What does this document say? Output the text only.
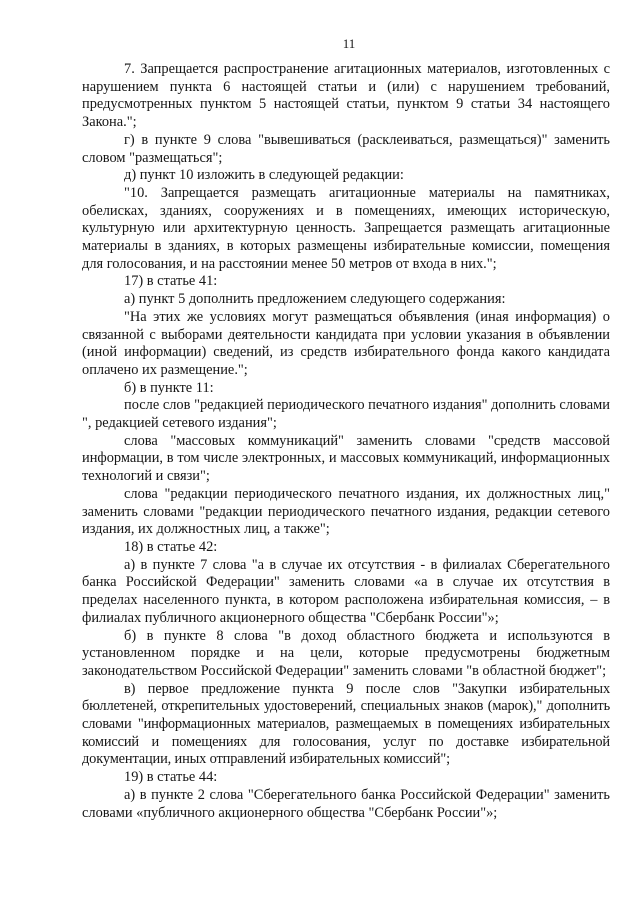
11

7. Запрещается распространение агитационных материалов, изготовленных с нарушением пункта 6 настоящей статьи и (или) с нарушением требований, предусмотренных пунктом 5 настоящей статьи, пунктом 9 статьи 34 настоящего Закона.";

г) в пункте 9 слова "вывешиваться (расклеиваться, размещаться)" заменить словом "размещаться";

д) пункт 10 изложить в следующей редакции:

"10. Запрещается размещать агитационные материалы на памятниках, обелисках, зданиях, сооружениях и в помещениях, имеющих историческую, культурную или архитектурную ценность. Запрещается размещать агитационные материалы в зданиях, в которых размещены избирательные комиссии, помещения для голосования, и на расстоянии менее 50 метров от входа в них.";

17) в статье 41:

а) пункт 5 дополнить предложением следующего содержания:

"На этих же условиях могут размещаться объявления (иная информация) о связанной с выборами деятельности кандидата при условии указания в объявлении (иной информации) сведений, из средств избирательного фонда какого кандидата оплачено их размещение.";

б) в пункте 11:

после слов "редакцией периодического печатного издания" дополнить словами ", редакцией сетевого издания";

слова "массовых коммуникаций" заменить словами "средств массовой информации, в том числе электронных, и массовых коммуникаций, информационных технологий и связи";

слова "редакции периодического печатного издания, их должностных лиц," заменить словами "редакции периодического печатного издания, редакции сетевого издания, их должностных лиц, а также";

18) в статье 42:

а) в пункте 7 слова "а в случае их отсутствия - в филиалах Сберегательного банка Российской Федерации" заменить словами «а в случае их отсутствия в пределах населенного пункта, в котором расположена избирательная комиссия, – в филиалах публичного акционерного общества "Сбербанк России"»;

б) в пункте 8 слова "в доход областного бюджета и используются в установленном порядке и на цели, которые предусмотрены бюджетным законодательством Российской Федерации" заменить словами "в областной бюджет";

в) первое предложение пункта 9 после слов "Закупки избирательных бюллетеней, открепительных удостоверений, специальных знаков (марок)," дополнить словами "информационных материалов, размещаемых в помещениях избирательных комиссий и помещениях для голосования, услуг по доставке избирательной документации, иных отправлений избирательных комиссий";

19) в статье 44:

а) в пункте 2 слова "Сберегательного банка Российской Федерации" заменить словами «публичного акционерного общества "Сбербанк России"»;
